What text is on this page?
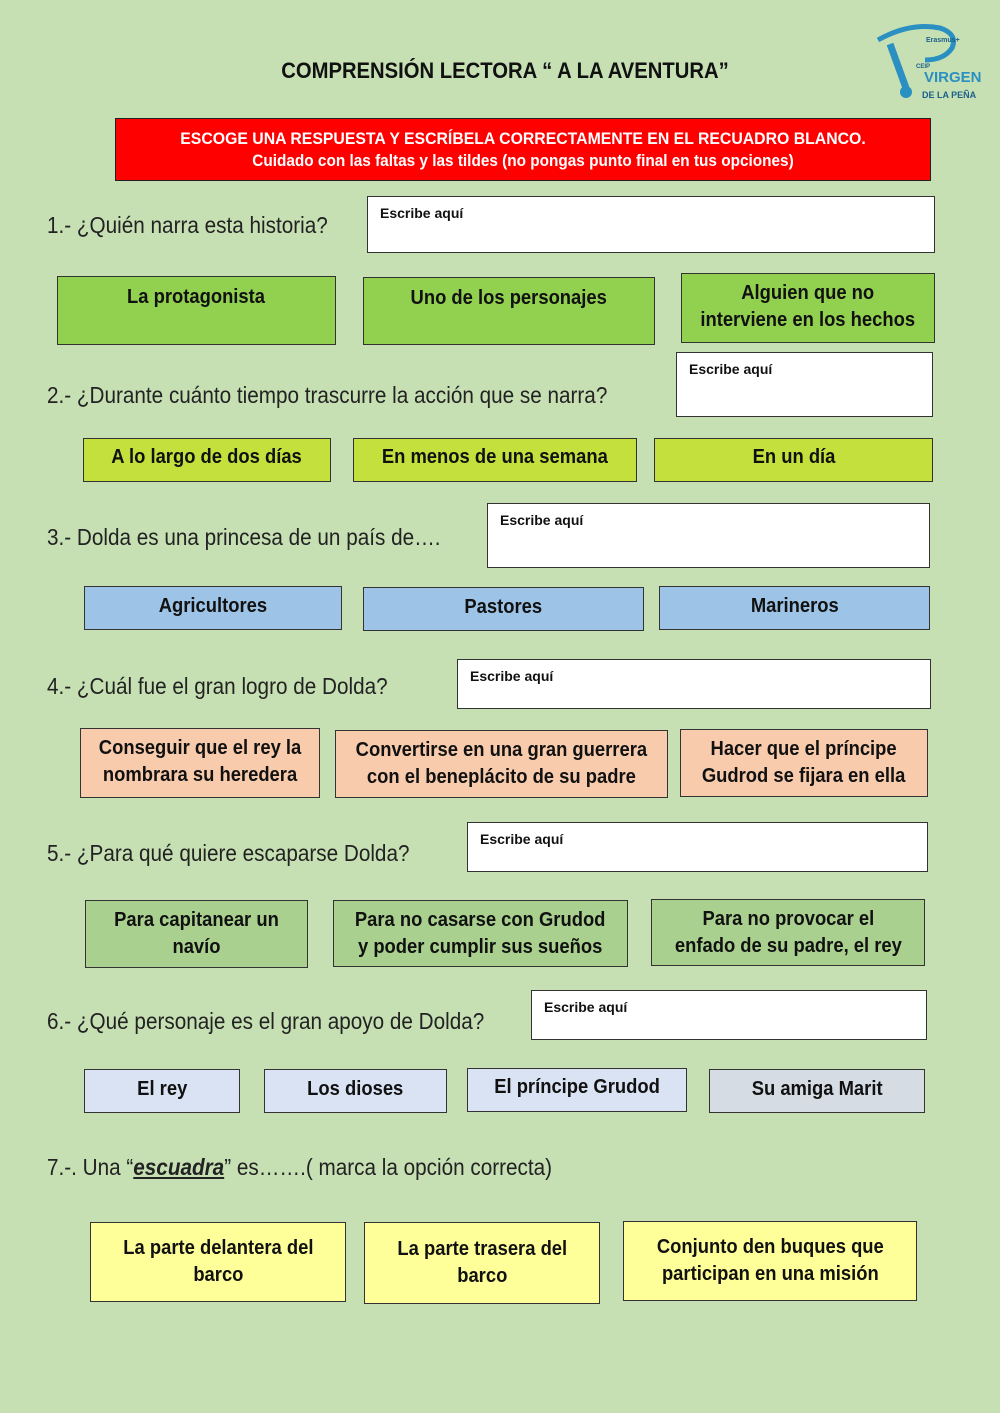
COMPRENSIÓN LECTORA “ A LA AVENTURA”
Erasmus+
CEIP
VIRGEN
DE LA PEÑA
ESCOGE UNA RESPUESTA Y ESCRÍBELA CORRECTAMENTE EN EL RECUADRO BLANCO.
Cuidado con las faltas y las tildes (no pongas punto final en tus opciones)
1.- ¿Quién narra esta historia?	Escribe aquí
La protagonista	Uno de los personajes	Alguien que no
interviene en los hechos
2.- ¿Durante cuánto tiempo trascurre la acción que se narra?
Escribe aquí
A lo largo de dos días	En menos de una semana	En un día
3.- Dolda es una princesa de un país de….
Escribe aquí
Agricultores	Pastores	Marineros
4.- ¿Cuál fue el gran logro de Dolda?	Escribe aquí
Conseguir que el rey la
nombrara su heredera
Convertirse en una gran guerrera
con el beneplácito de su padre
Hacer que el príncipe
Gudrod se fijara en ella
5.- ¿Para qué quiere escaparse Dolda?
Escribe aquí
Para capitanear un
navío
Para no casarse con Grudod
y poder cumplir sus sueños
Para no provocar el
enfado de su padre, el rey
6.- ¿Qué personaje es el gran apoyo de Dolda?
Escribe aquí
El rey	Los dioses	El príncipe Grudod	Su amiga Marit
7.-. Una “escuadra” es…….( marca la opción correcta)
La parte delantera del
barco
La parte trasera del
barco
Conjunto den buques que
participan en una misión
